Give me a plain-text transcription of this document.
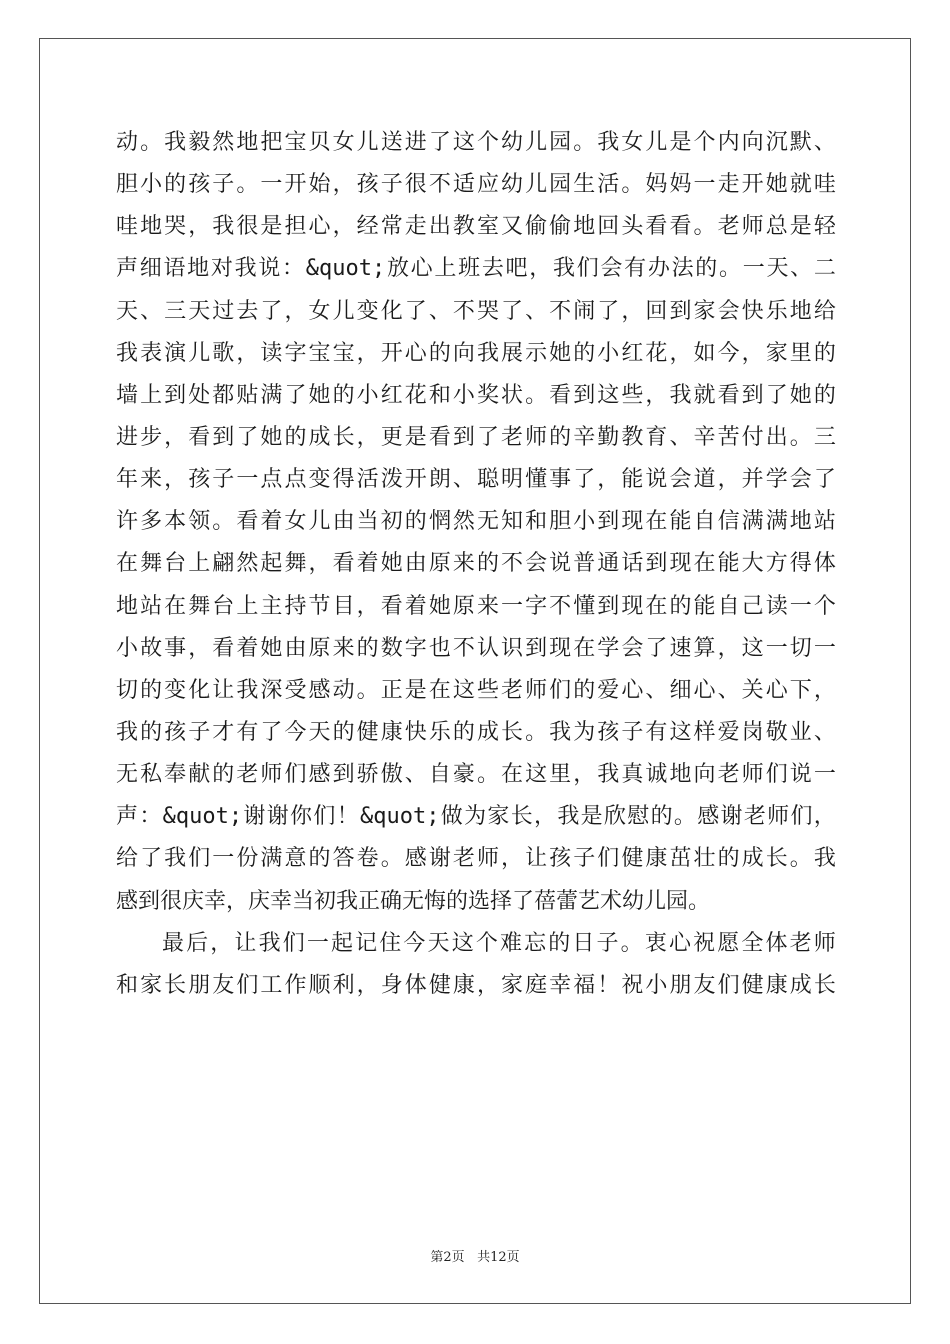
动 。 我 毅 然 地 把 宝 贝 女 儿 送 进 了 这 个 幼 儿 园 。 我 女 儿 是 个 内 向 沉 默 、
胆 小 的 孩 子 。 一 开 始 ， 孩 子 很 不 适 应 幼 儿 园 生 活 。 妈 妈 一 走 开 她 就 哇
哇 地 哭 ， 我 很 是 担 心 ， 经 常 走 出 教 室 又 偷 偷 地 回 头 看 看 。 老 师 总 是 轻
声 细 语 地 对 我 说 ： &quot; 放 心 上 班 去 吧 ， 我 们 会 有 办 法 的 。 一 天 、 二
天 、 三 天 过 去 了 ， 女 儿 变 化 了 、 不 哭 了 、 不 闹 了 ， 回 到 家 会 快 乐 地 给
我 表 演 儿 歌 ， 读 字 宝 宝 ， 开 心 的 向 我 展 示 她 的 小 红 花 ， 如 今 ， 家 里 的
墙 上 到 处 都 贴 满 了 她 的 小 红 花 和 小 奖 状 。 看 到 这 些 ， 我 就 看 到 了 她 的
进 步 ， 看 到 了 她 的 成 长 ， 更 是 看 到 了 老 师 的 辛 勤 教 育 、 辛 苦 付 出 。 三
年 来 ， 孩 子 一 点 点 变 得 活 泼 开 朗 、 聪 明 懂 事 了 ， 能 说 会 道 ， 并 学 会 了
许 多 本 领 。 看 着 女 儿 由 当 初 的 惘 然 无 知 和 胆 小 到 现 在 能 自 信 满 满 地 站
在 舞 台 上 翩 然 起 舞 ， 看 着 她 由 原 来 的 不 会 说 普 通 话 到 现 在 能 大 方 得 体
地 站 在 舞 台 上 主 持 节 目 ， 看 着 她 原 来 一 字 不 懂 到 现 在 的 能 自 己 读 一 个
小 故 事 ， 看 着 她 由 原 来 的 数 字 也 不 认 识 到 现 在 学 会 了 速 算 ， 这 一 切 一
切 的 变 化 让 我 深 受 感 动 。 正 是 在 这 些 老 师 们 的 爱 心 、 细 心 、 关 心 下 ，
我 的 孩 子 才 有 了 今 天 的 健 康 快 乐 的 成 长 。 我 为 孩 子 有 这 样 爱 岗 敬 业 、
无 私 奉 献 的 老 师 们 感 到 骄 傲 、 自 豪 。 在 这 里 ， 我 真 诚 地 向 老 师 们 说 一
声 ： &quot; 谢 谢 你 们 ！ &quot; 做 为 家 长 ， 我 是 欣 慰 的 。 感 谢 老 师 们 ，
给 了 我 们 一 份 满 意 的 答 卷 。 感 谢 老 师 ， 让 孩 子 们 健 康 茁 壮 的 成 长 。 我
感到很庆幸，庆幸当初我正确无悔的选择了蓓蕾艺术幼儿园。
最 后 ， 让 我 们 一 起 记 住 今 天 这 个 难 忘 的 日 子 。 衷 心 祝 愿 全 体 老 师
和 家 长 朋 友 们 工 作 顺 利 ， 身 体 健 康 ， 家 庭 幸 福 ！ 祝 小 朋 友 们 健 康 成 长
第2页 共12页
